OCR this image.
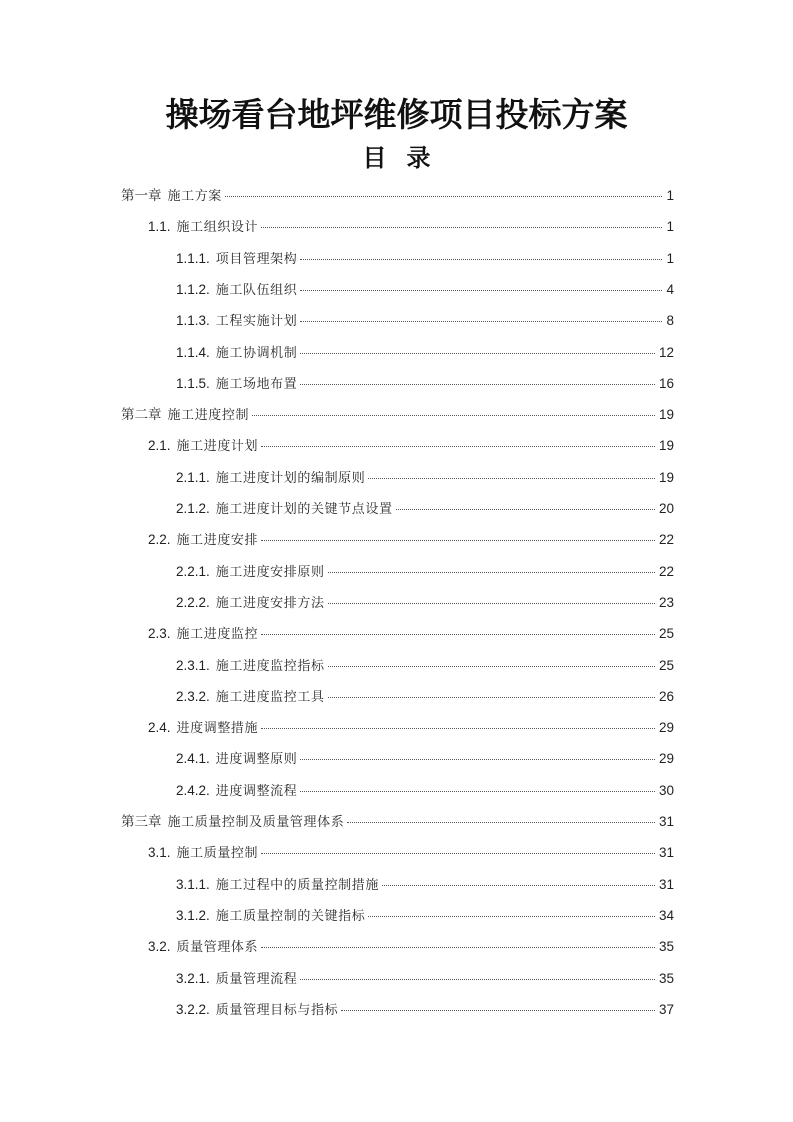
操场看台地坪维修项目投标方案
目录
第一章 施工方案	1
1.1. 施工组织设计	1
1.1.1. 项目管理架构	1
1.1.2. 施工队伍组织	4
1.1.3. 工程实施计划	8
1.1.4. 施工协调机制	12
1.1.5. 施工场地布置	16
第二章 施工进度控制	19
2.1. 施工进度计划	19
2.1.1. 施工进度计划的编制原则	19
2.1.2. 施工进度计划的关键节点设置	20
2.2. 施工进度安排	22
2.2.1. 施工进度安排原则	22
2.2.2. 施工进度安排方法	23
2.3. 施工进度监控	25
2.3.1. 施工进度监控指标	25
2.3.2. 施工进度监控工具	26
2.4. 进度调整措施	29
2.4.1. 进度调整原则	29
2.4.2. 进度调整流程	30
第三章 施工质量控制及质量管理体系	31
3.1. 施工质量控制	31
3.1.1. 施工过程中的质量控制措施	31
3.1.2. 施工质量控制的关键指标	34
3.2. 质量管理体系	35
3.2.1. 质量管理流程	35
3.2.2. 质量管理目标与指标	37
